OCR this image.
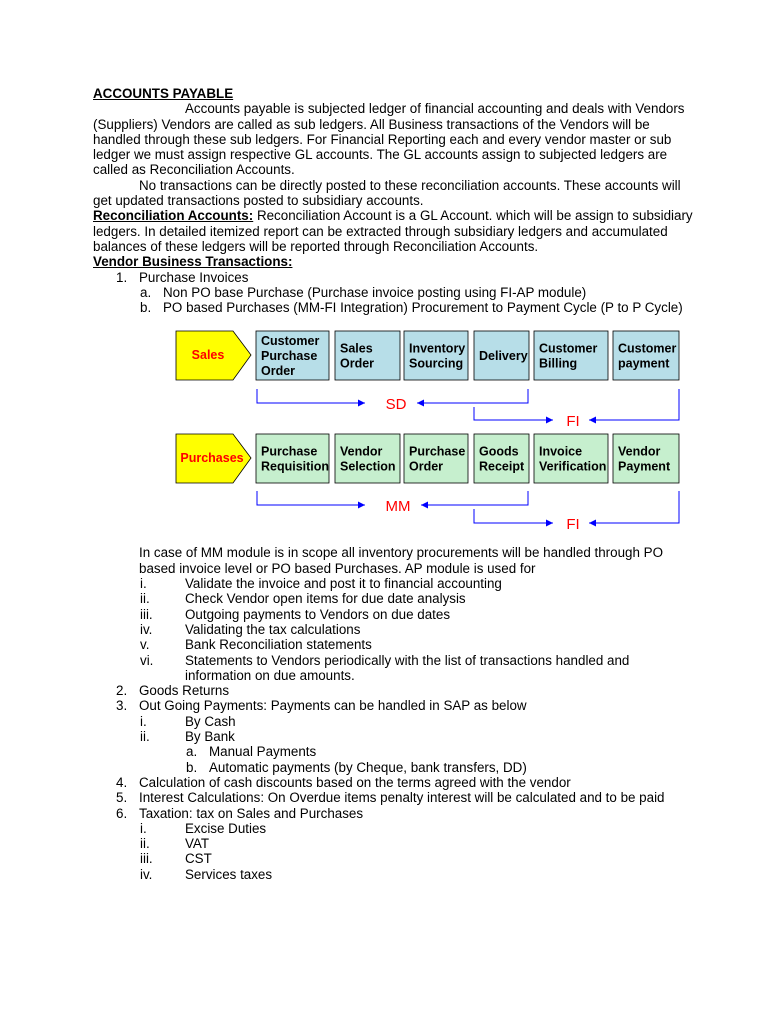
ACCOUNTS PAYABLE

Accounts payable is subjected ledger of financial accounting and deals with Vendors (Suppliers) Vendors are called as sub ledgers. All Business transactions of the Vendors will be handled through these sub ledgers. For Financial Reporting each and every vendor master or sub ledger we must assign respective GL accounts. The GL accounts assign to subjected ledgers are called as Reconciliation Accounts.

No transactions can be directly posted to these reconciliation accounts. These accounts will get updated transactions posted to subsidiary accounts.

Reconciliation Accounts: Reconciliation Account is a GL Account. which will be assign to subsidiary ledgers. In detailed itemized report can be extracted through subsidiary ledgers and accumulated balances of these ledgers will be reported through Reconciliation Accounts.

Vendor Business Transactions:

1. Purchase Invoices
a. Non PO base Purchase (Purchase invoice posting using FI-AP module)
b. PO based Purchases (MM-FI Integration) Procurement to Payment Cycle (P to P Cycle)
Sales
Purchases
Customer
Purchase
Order
Sales
Order
Inventory
Sourcing
Delivery
Customer
Billing
Customer
payment
Purchase
Requisition
Vendor
Selection
Purchase
Order
Goods
Receipt
Invoice
Verification
Vendor
Payment
SD
FI
MM
FI

In case of MM module is in scope all inventory procurements will be handled through PO based invoice level or PO based Purchases. AP module is used for

i.	Validate the invoice and post it to financial accounting
ii.	Check Vendor open items for due date analysis
iii. Outgoing payments to Vendors on due dates
iv. Validating the tax calculations
v.	Bank Reconciliation statements
vi. Statements to Vendors periodically with the list of transactions handled and information on due amounts.
2. Goods Returns
3. Out Going Payments: Payments can be handled in SAP as below
i.	By Cash
ii.	By Bank
a. Manual Payments
b. Automatic payments (by Cheque, bank transfers, DD)
4. Calculation of cash discounts based on the terms agreed with the vendor
5. Interest Calculations: On Overdue items penalty interest will be calculated and to be paid
6. Taxation: tax on Sales and Purchases
i.	Excise Duties
ii.	VAT
iii. CST
iv. Services taxes
